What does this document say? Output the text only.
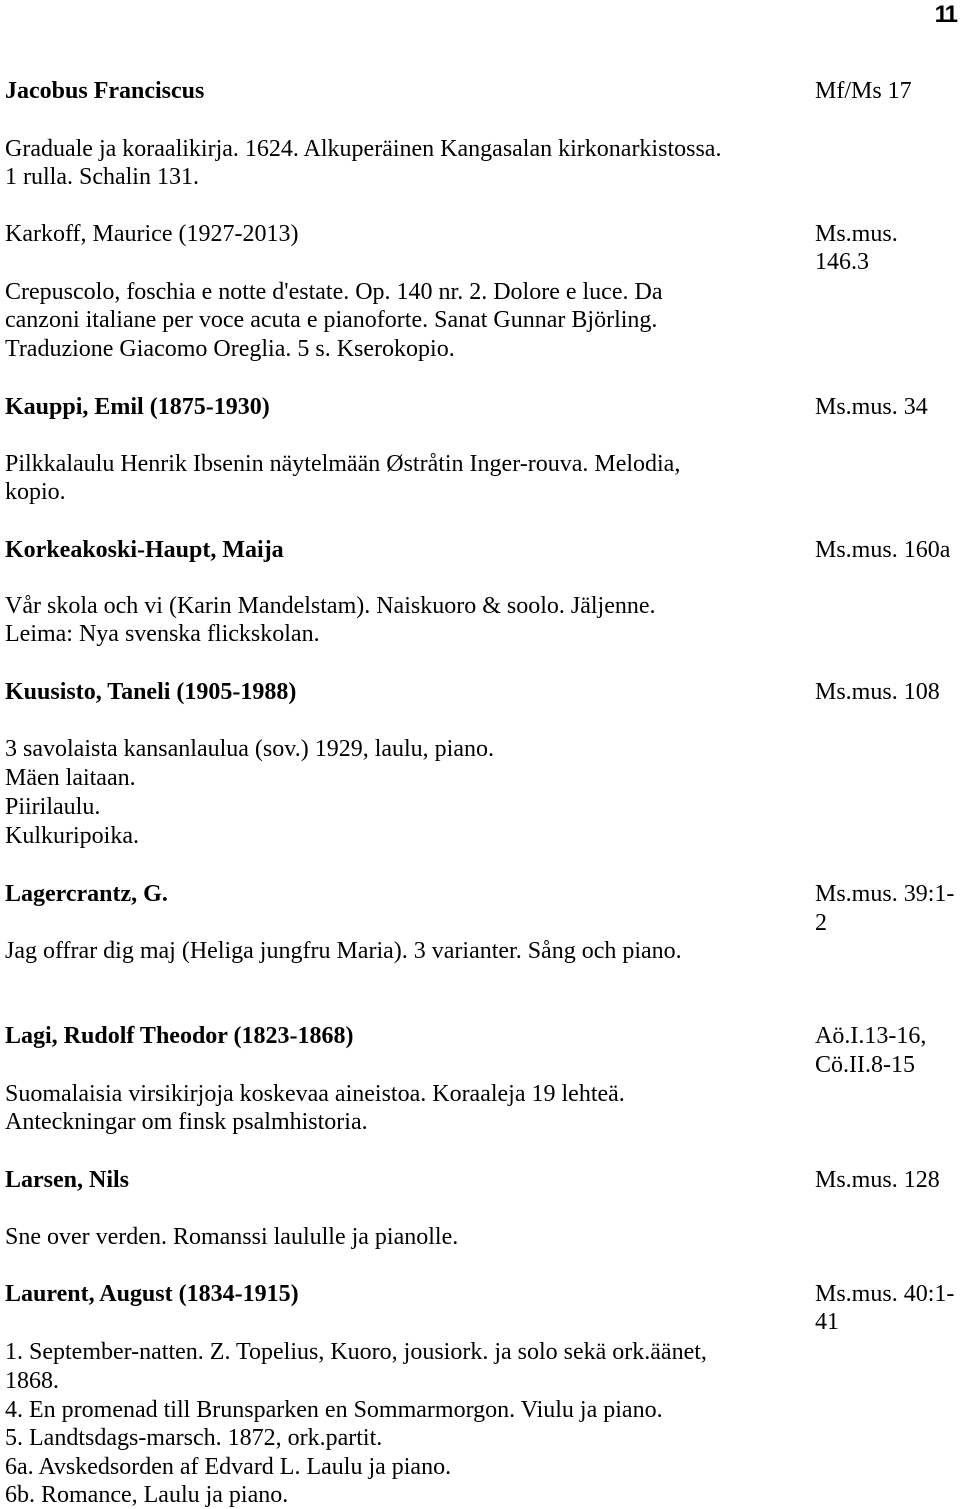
11
Jacobus Franciscus	Mf/Ms 17
Graduale ja koraalikirja. 1624. Alkuperäinen Kangasalan kirkonarkistossa.
1 rulla. Schalin 131.
Karkoff, Maurice (1927-2013)	Ms.mus.
146.3
Crepuscolo, foschia e notte d'estate. Op. 140 nr. 2. Dolore e luce. Da
canzoni italiane per voce acuta e pianoforte. Sanat Gunnar Björling.
Traduzione Giacomo Oreglia. 5 s. Kserokopio.
Kauppi, Emil (1875-1930)	Ms.mus. 34
Pilkkalaulu Henrik Ibsenin näytelmään Østråtin Inger-rouva. Melodia,
kopio.
Korkeakoski-Haupt, Maija	Ms.mus. 160a
Vår skola och vi (Karin Mandelstam). Naiskuoro & soolo. Jäljenne.
Leima: Nya svenska flickskolan.
Kuusisto, Taneli (1905-1988)	Ms.mus. 108
3 savolaista kansanlaulua (sov.) 1929, laulu, piano.
Mäen laitaan.
Piirilaulu.
Kulkuripoika.
Lagercrantz, G.	Ms.mus. 39:1-
2
Jag offrar dig maj (Heliga jungfru Maria). 3 varianter. Sång och piano.
Lagi, Rudolf Theodor (1823-1868)	Aö.I.13-16,
Cö.II.8-15
Suomalaisia virsikirjoja koskevaa aineistoa. Koraaleja 19 lehteä.
Anteckningar om finsk psalmhistoria.
Larsen, Nils	Ms.mus. 128
Sne over verden. Romanssi laululle ja pianolle.
Laurent, August (1834-1915)	Ms.mus. 40:1-
41
1. September-natten. Z. Topelius, Kuoro, jousiork. ja solo sekä ork.äänet,
1868.
4. En promenad till Brunsparken en Sommarmorgon. Viulu ja piano.
5. Landtsdags-marsch. 1872, ork.partit.
6a. Avskedsorden af Edvard L. Laulu ja piano.
6b. Romance, Laulu ja piano.
